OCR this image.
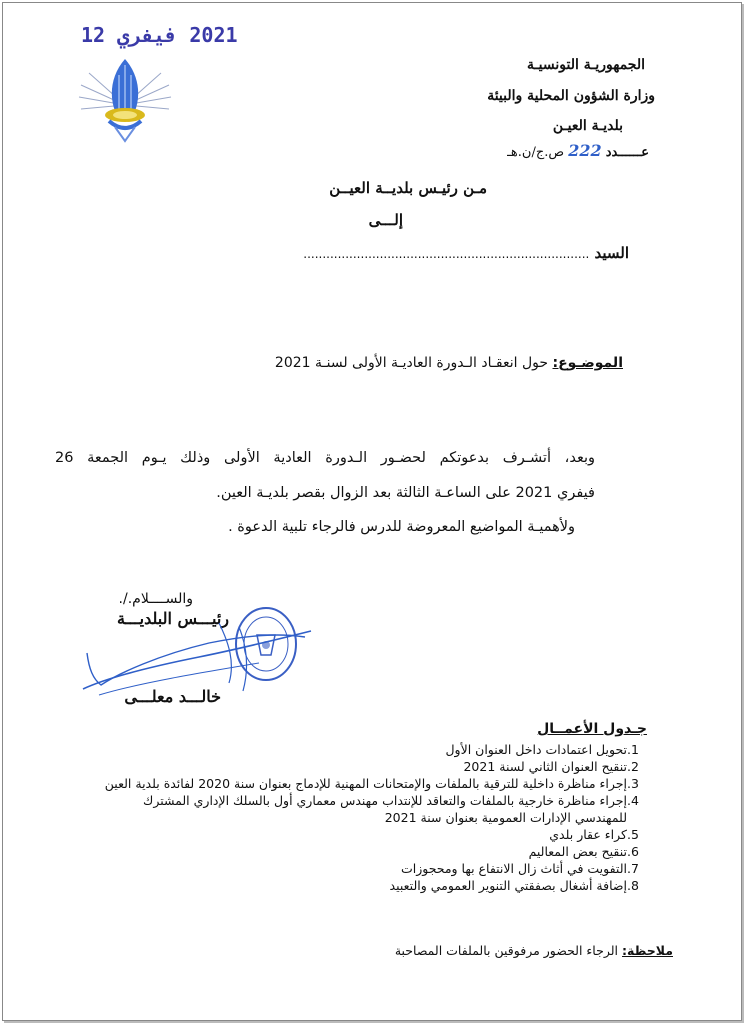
2021 فيفري 12
الجمهوريـة التونسيـة
وزارة الشؤون المحلية والبيئة
بلديـة العيـن
عــــــدد 222 ص.ج/ن.هـ
مـن رئيـس بلديــة العيــن
إلـــى
السيد ...........................................................................
الموضـوع: حول انعقـاد الـدورة العاديـة الأولى لسنـة 2021
وبعد، أتشـرف بدعوتكم لحضـور الـدورة العادية الأولى وذلك يـوم الجمعة 26
فيفري 2021 على الساعـة الثالثة بعد الزوال بقصر بلديـة العين.
ولأهميـة المواضيع المعروضة للدرس فالرجاء تلبية الدعوة .
والســــلام./.
رئيـــس البلديـــة
خالـــد معلـــى
جـدول الأعمــال
1.تحويل اعتمادات داخل العنوان الأول
2.تنقيح العنوان الثاني لسنة 2021
3.إجراء مناظرة داخلية للترقية بالملفات والإمتحانات المهنية للإدماج بعنوان سنة 2020 لفائدة بلدية العين
4.إجراء مناظرة خارجية بالملفات والتعاقد للإنتداب مهندس معماري أول بالسلك الإداري المشترك
للمهندسي الإدارات العمومية بعنوان سنة 2021
5.كراء عقار بلدي
6.تنقيح بعض المعاليم
7.التفويت في أثاث زال الانتفاع بها ومحجوزات
8.إضافة أشغال بصفقتي التنوير العمومي والتعبيد
ملاحظة: الرجاء الحضور مرفوقين بالملفات المصاحبة
